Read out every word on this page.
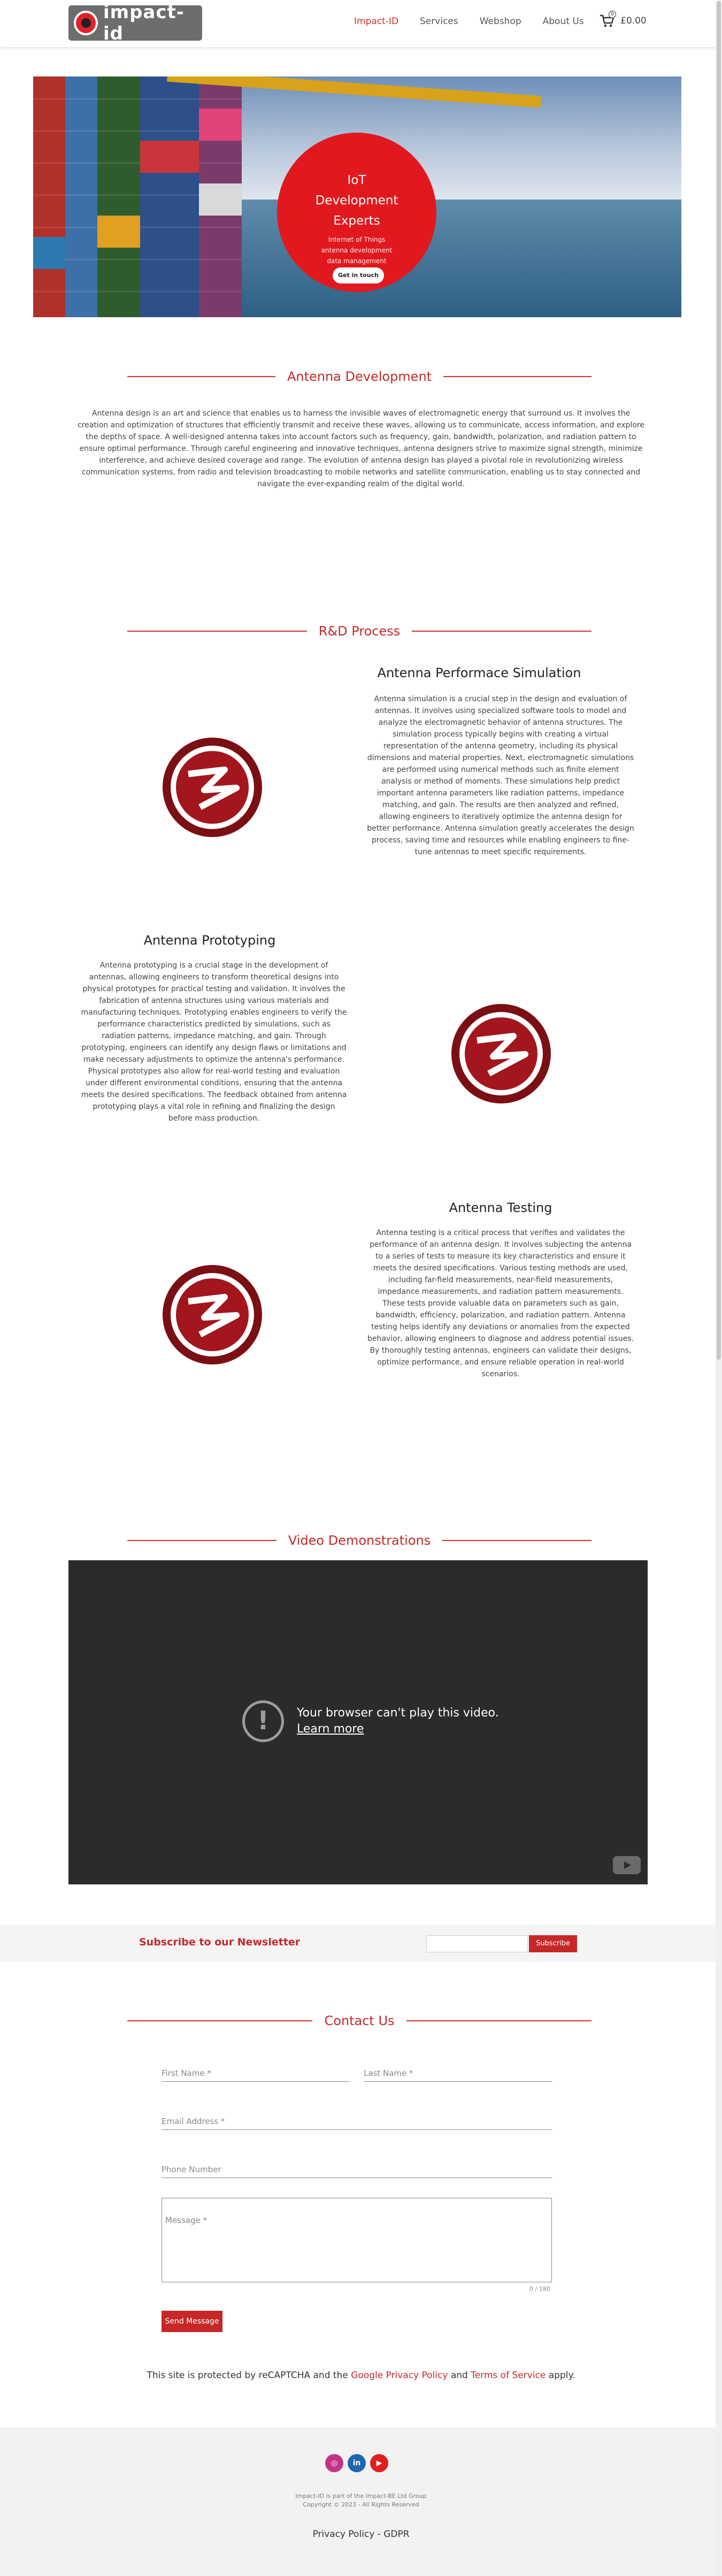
impact-id
Impact-ID Services Webshop About Us
0
£0.00
IoT
Development
Experts
Internet of Things
antenna development
data management
Get in touch
Antenna Development
Antenna design is an art and science that enables us to harness the invisible waves of electromagnetic energy that surround us. It involves the creation and optimization of structures that efficiently transmit and receive these waves, allowing us to communicate, access information, and explore the depths of space. A well-designed antenna takes into account factors such as frequency, gain, bandwidth, polarization, and radiation pattern to ensure optimal performance. Through careful engineering and innovative techniques, antenna designers strive to maximize signal strength, minimize interference, and achieve desired coverage and range. The evolution of antenna design has played a pivotal role in revolutionizing wireless communication systems, from radio and television broadcasting to mobile networks and satellite communication, enabling us to stay connected and navigate the ever-expanding realm of the digital world.
R&D Process
Antenna Performace Simulation
Antenna simulation is a crucial step in the design and evaluation of antennas. It involves using specialized software tools to model and analyze the electromagnetic behavior of antenna structures. The simulation process typically begins with creating a virtual representation of the antenna geometry, including its physical dimensions and material properties. Next, electromagnetic simulations are performed using numerical methods such as finite element analysis or method of moments. These simulations help predict important antenna parameters like radiation patterns, impedance matching, and gain. The results are then analyzed and refined, allowing engineers to iteratively optimize the antenna design for better performance. Antenna simulation greatly accelerates the design process, saving time and resources while enabling engineers to fine-tune antennas to meet specific requirements.
Antenna Prototyping
Antenna prototyping is a crucial stage in the development of antennas, allowing engineers to transform theoretical designs into physical prototypes for practical testing and validation. It involves the fabrication of antenna structures using various materials and manufacturing techniques. Prototyping enables engineers to verify the performance characteristics predicted by simulations, such as radiation patterns, impedance matching, and gain. Through prototyping, engineers can identify any design flaws or limitations and make necessary adjustments to optimize the antenna's performance. Physical prototypes also allow for real-world testing and evaluation under different environmental conditions, ensuring that the antenna meets the desired specifications. The feedback obtained from antenna prototyping plays a vital role in refining and finalizing the design before mass production.
Antenna Testing
Antenna testing is a critical process that verifies and validates the performance of an antenna design. It involves subjecting the antenna to a series of tests to measure its key characteristics and ensure it meets the desired specifications. Various testing methods are used, including far-field measurements, near-field measurements, impedance measurements, and radiation pattern measurements. These tests provide valuable data on parameters such as gain, bandwidth, efficiency, polarization, and radiation pattern. Antenna testing helps identify any deviations or anomalies from the expected behavior, allowing engineers to diagnose and address potential issues. By thoroughly testing antennas, engineers can validate their designs, optimize performance, and ensure reliable operation in real-world scenarios.
Video Demonstrations
!	Your browser can't play this video.
Learn more
Subscribe to our Newsletter	Subscribe
Contact Us
First Name *	Last Name *
Email Address *
Phone Number
Message *
0 / 180
Send Message
This site is protected by reCAPTCHA and the Google Privacy Policy and Terms of Service apply.
◎	in	▶
Impact-ID is part of the Impact-BE Ltd Group
Copyright © 2023 - All Rights Reserved
Privacy Policy - GDPR
